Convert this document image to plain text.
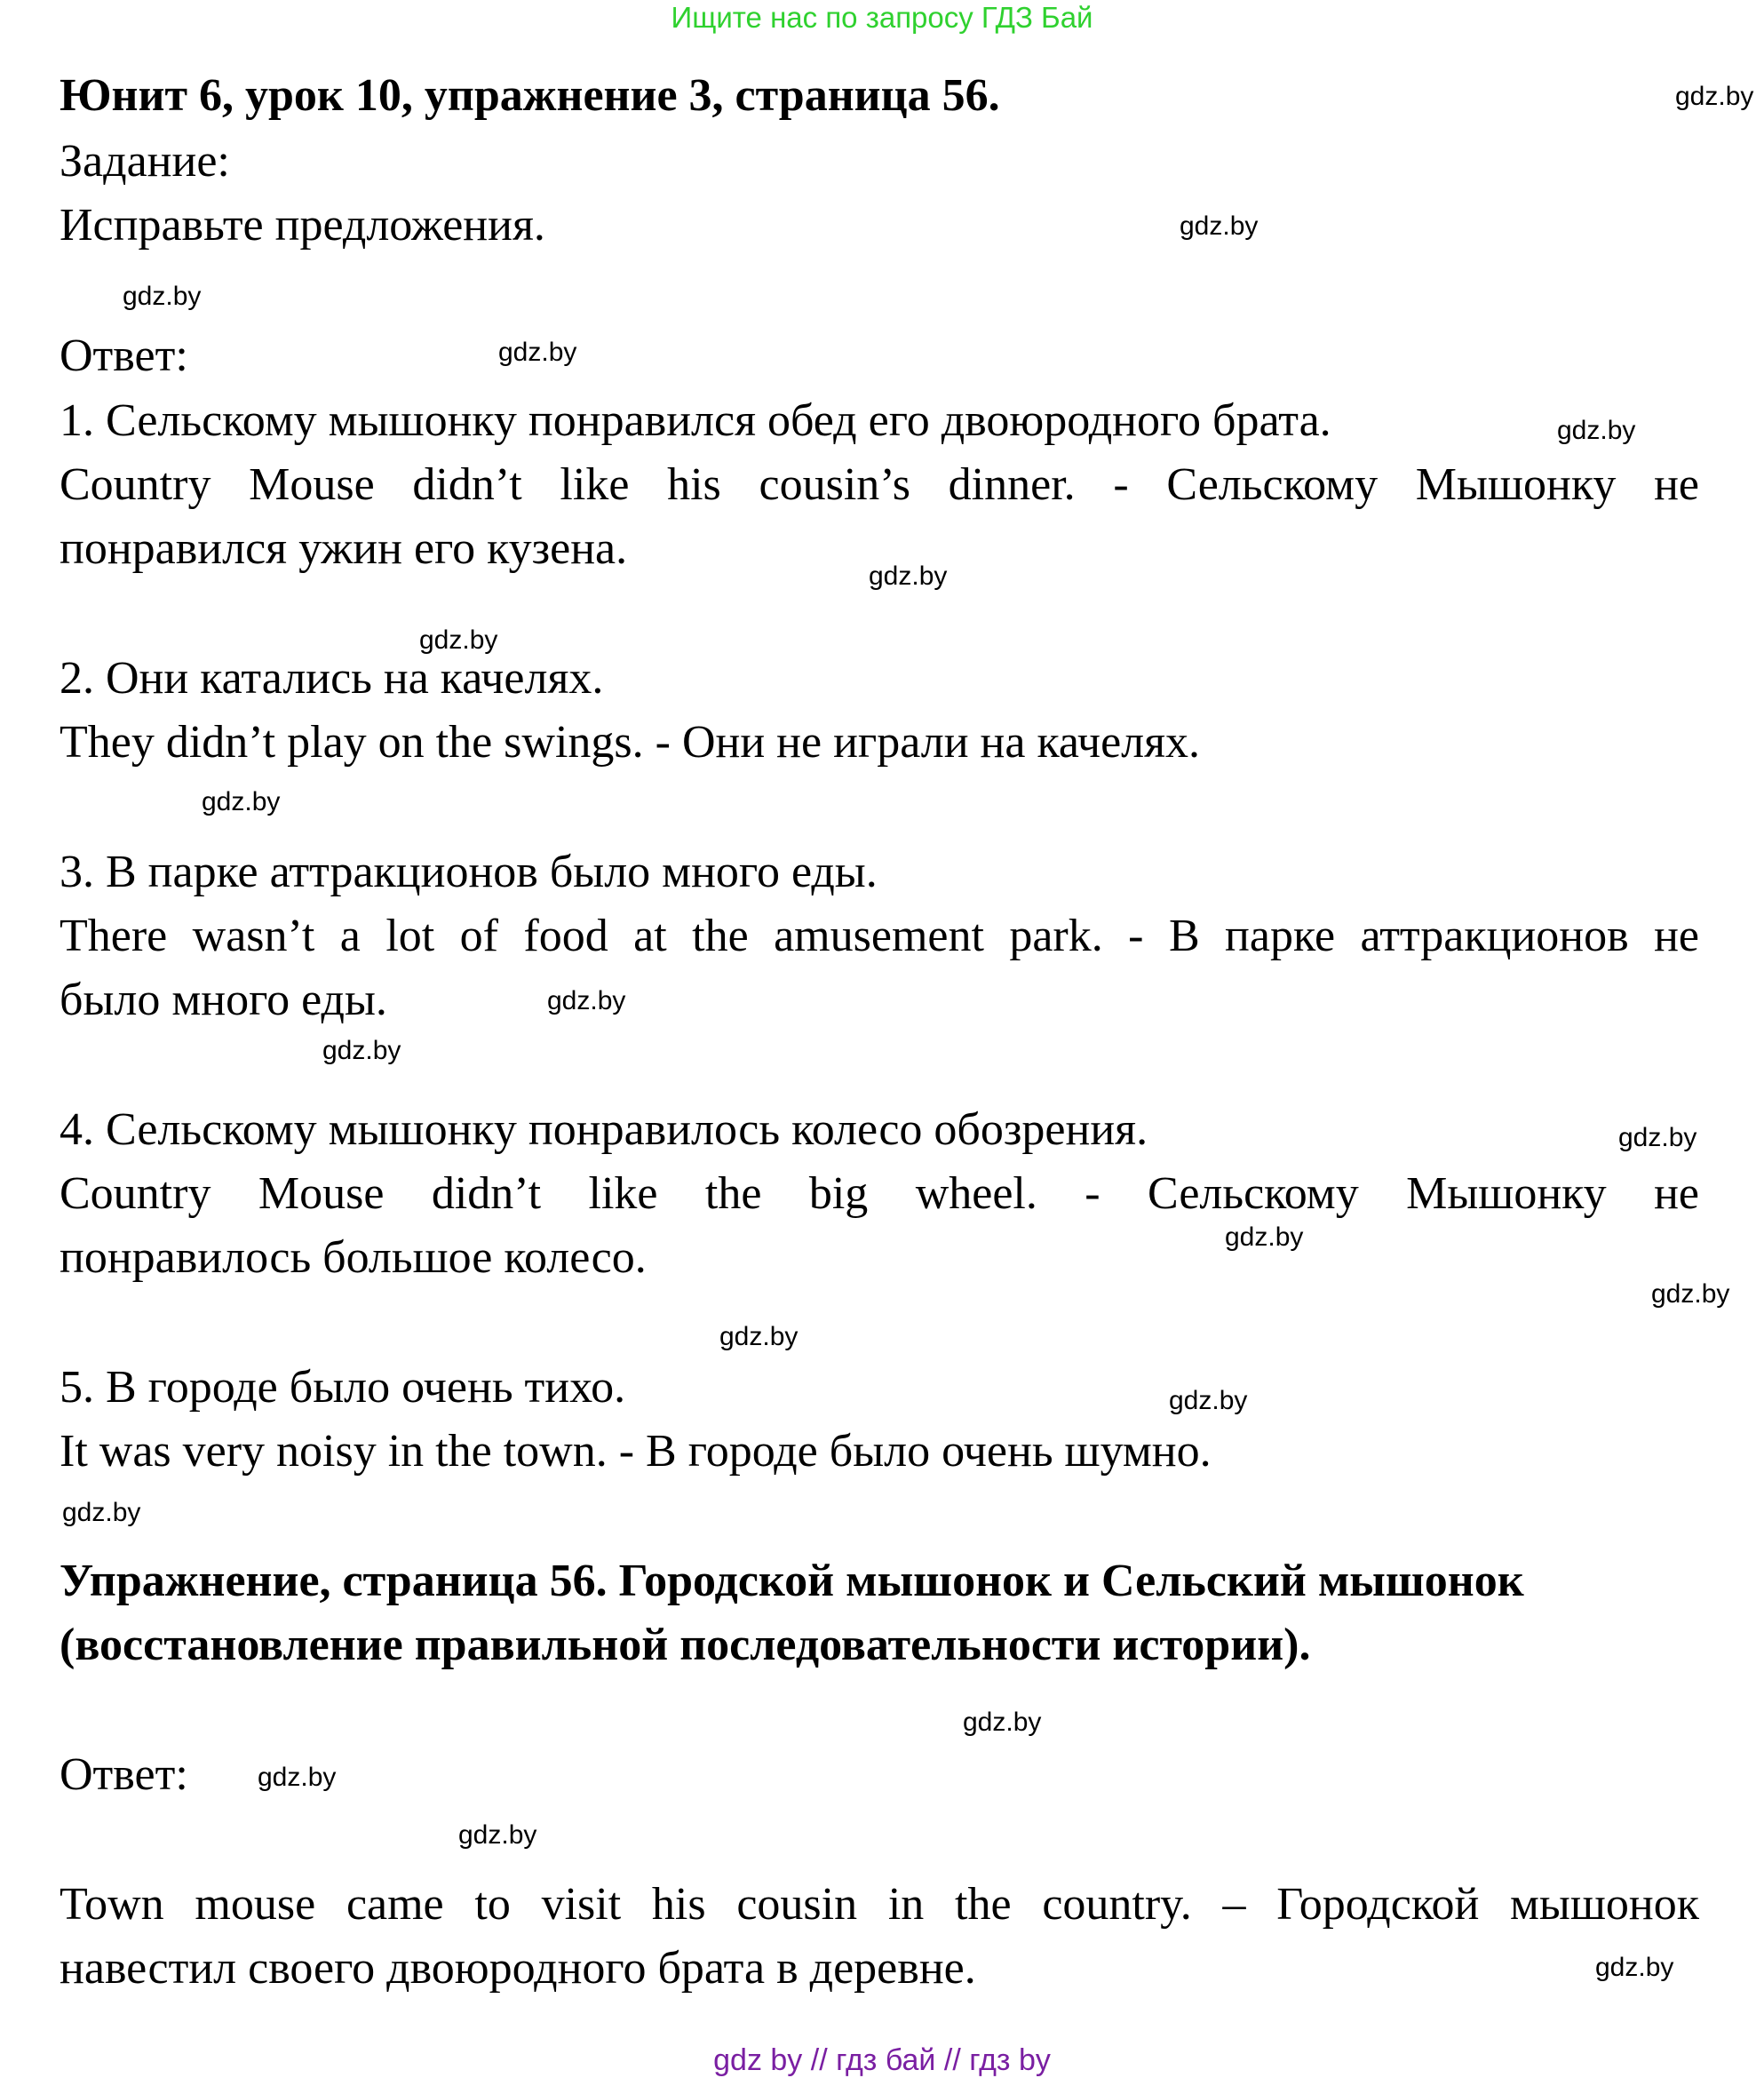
Ищите нас по запросу ГДЗ Бай
Юнит 6, урок 10, упражнение 3, страница 56.
Задание:
Исправьте предложения.
Ответ:
1. Сельскому мышонку понравился обед его двоюродного брата.
Country Mouse didn’t like his cousin’s dinner. - Сельскому Мышонку не
понравился ужин его кузена.
2. Они катались на качелях.
They didn’t play on the swings. - Они не играли на качелях.
3. В парке аттракционов было много еды.
There wasn’t a lot of food at the amusement park. - В парке аттракционов не
было много еды.
4. Сельскому мышонку понравилось колесо обозрения.
Country Mouse didn’t like the big wheel. - Сельскому Мышонку не
понравилось большое колесо.
5. В городе было очень тихо.
It was very noisy in the town. - В городе было очень шумно.
Упражнение, страница 56. Городской мышонок и Сельский мышонок
(восстановление правильной последовательности истории).
Ответ:
Town mouse came to visit his cousin in the country. – Городской мышонок
навестил своего двоюродного брата в деревне.
gdz.by
gdz.by
gdz.by
gdz.by
gdz.by
gdz.by
gdz.by
gdz.by
gdz.by
gdz.by
gdz.by
gdz.by
gdz.by
gdz.by
gdz.by
gdz.by
gdz.by
gdz.by
gdz.by
gdz.by
gdz by // гдз бай // гдз by
